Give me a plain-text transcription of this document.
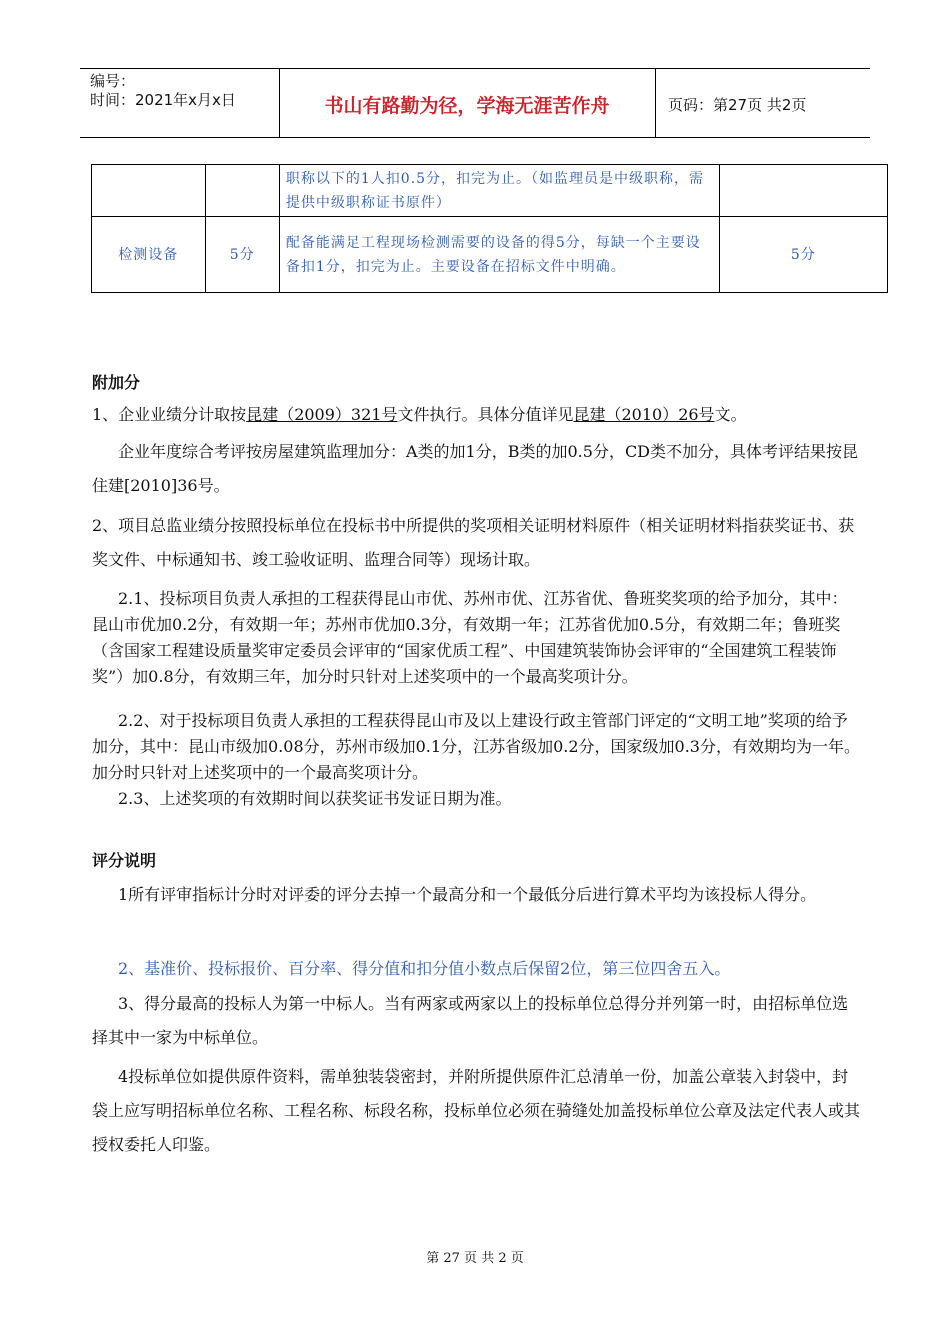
编号：
时间：2021年x月x日	书山有路勤为径，学海无涯苦作舟	页码：第27页 共2页
		职称以下的1人扣0.5分，扣完为止。（如监理员是中级职称，需提供中级职称证书原件）	
检测设备	5分	配备能满足工程现场检测需要的设备的得5分，每缺一个主要设备扣1分，扣完为止。主要设备在招标文件中明确。	5分
附加分
1、企业业绩分计取按昆建（2009）321号文件执行。具体分值详见昆建（2010）26号文。
企业年度综合考评按房屋建筑监理加分：A类的加1分，B类的加0.5分，CD类不加分，具体考评结果按昆住建[2010]36号。
2、项目总监业绩分按照投标单位在投标书中所提供的奖项相关证明材料原件（相关证明材料指获奖证书、获奖文件、中标通知书、竣工验收证明、监理合同等）现场计取。
2.1、投标项目负责人承担的工程获得昆山市优、苏州市优、江苏省优、鲁班奖奖项的给予加分，其中：昆山市优加0.2分，有效期一年；苏州市优加0.3分，有效期一年；江苏省优加0.5分，有效期二年；鲁班奖（含国家工程建设质量奖审定委员会评审的“国家优质工程”、中国建筑装饰协会评审的“全国建筑工程装饰奖”）加0.8分，有效期三年，加分时只针对上述奖项中的一个最高奖项计分。
2.2、对于投标项目负责人承担的工程获得昆山市及以上建设行政主管部门评定的“文明工地”奖项的给予加分，其中：昆山市级加0.08分，苏州市级加0.1分，江苏省级加0.2分，国家级加0.3分，有效期均为一年。加分时只针对上述奖项中的一个最高奖项计分。
2.3、上述奖项的有效期时间以获奖证书发证日期为准。
评分说明
1所有评审指标计分时对评委的评分去掉一个最高分和一个最低分后进行算术平均为该投标人得分。
2、基准价、投标报价、百分率、得分值和扣分值小数点后保留2位，第三位四舍五入。
3、得分最高的投标人为第一中标人。当有两家或两家以上的投标单位总得分并列第一时，由招标单位选择其中一家为中标单位。
4投标单位如提供原件资料，需单独装袋密封，并附所提供原件汇总清单一份，加盖公章装入封袋中，封袋上应写明招标单位名称、工程名称、标段名称，投标单位必须在骑缝处加盖投标单位公章及法定代表人或其授权委托人印鉴。
第 27 页 共 2 页
